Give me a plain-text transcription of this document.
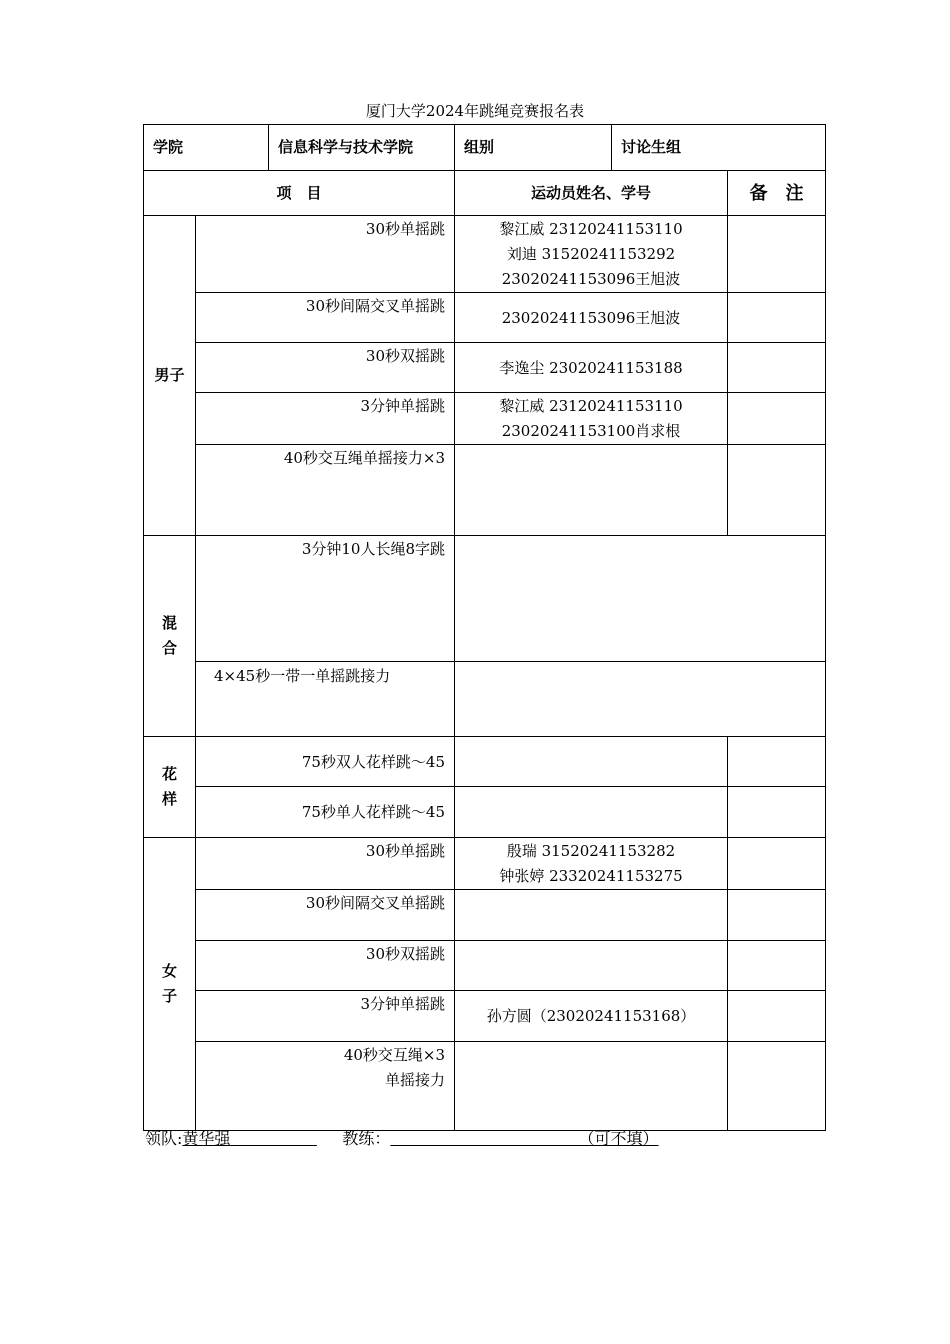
厦门大学2024年跳绳竞赛报名表
学院		信息科学与技术学院	组别	讨论生组	
项　目			运动员姓名、学号		备　注
男子	30秒单摇跳		黎江威 23120241153110
刘迪 31520241153292
23020241153096王旭波		

	30秒间隔交叉单摇跳		23020241153096王旭波		

	30秒双摇跳		李逸尘 23020241153188		

	3分钟单摇跳		黎江威 23120241153110
23020241153100肖求根		

	40秒交互绳单摇接力×3				

混
合	3分钟10人长绳8字跳				
	4×45秒一带一单摇跳接力				

花
样	75秒双人花样跳～45				
	75秒单人花样跳～45				

女
子	30秒单摇跳		殷瑞 31520241153282
钟张婷 23320241153275		

	30秒间隔交叉单摇跳				
	30秒双摇跳				
	3分钟单摇跳		孙方圆（23020241153168）		

	40秒交互绳×3
单摇接力				

领队:黄华强	教练：	（可不填）
